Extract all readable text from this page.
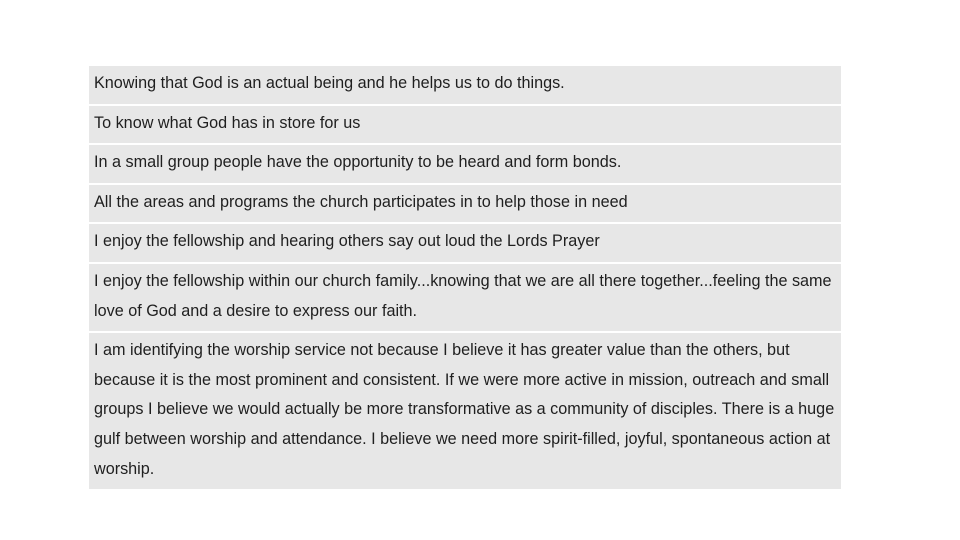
Knowing that God is an actual being and he helps us to do things.
To know what God has in store for us
In a small group people have the opportunity to be heard and form bonds.
All the areas and programs the church participates in to help those in need
I enjoy the fellowship and hearing others say out loud the Lords Prayer
I enjoy the fellowship within our church family...knowing that we are all there together...feeling the same love of God and a desire to express our faith.
I am identifying the worship service not because I believe it has greater value than the others, but because it is the most prominent and consistent. If we were more active in mission, outreach and small groups I believe we would actually be more transformative as a community of disciples. There is a huge gulf between worship and attendance. I believe we need more spirit-filled, joyful, spontaneous action at worship.
